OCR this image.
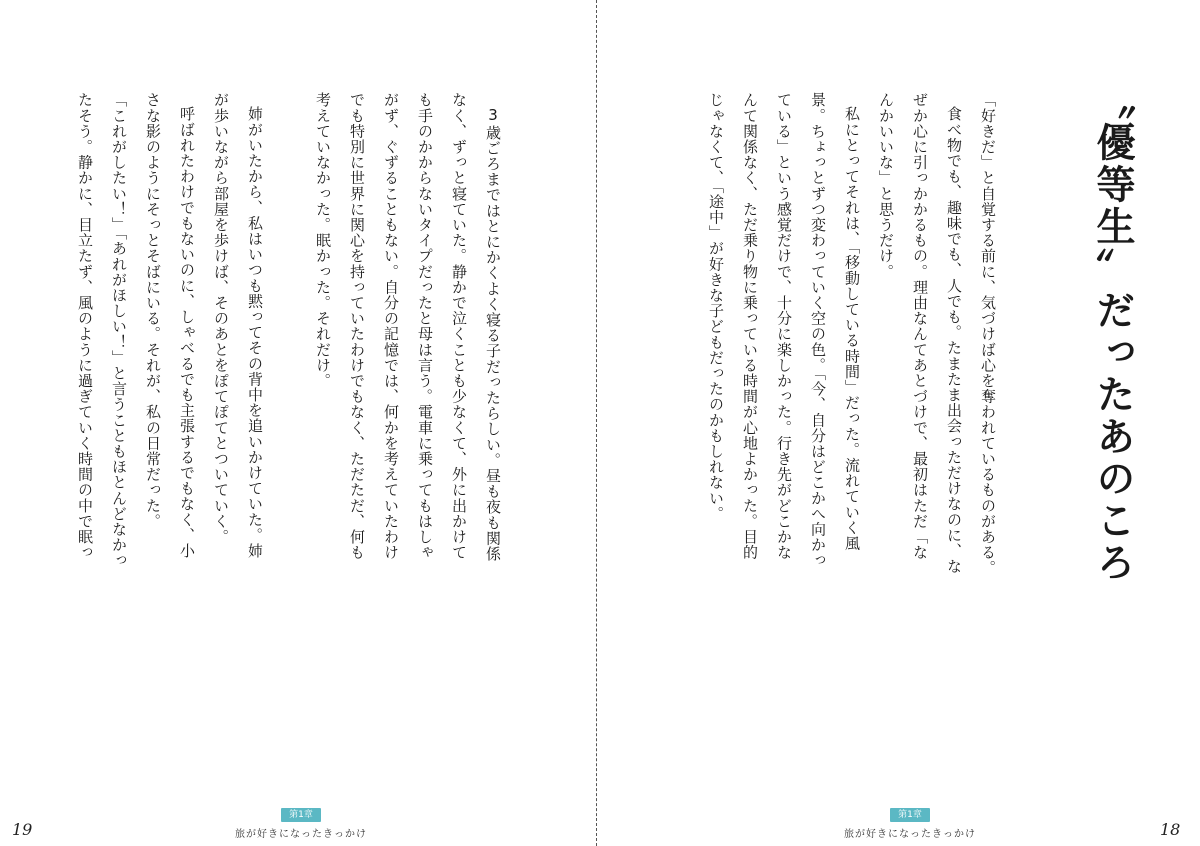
3歳ごろまではとにかくよく寝る子だったらしい。昼も夜も関係
なく、ずっと寝ていた。静かで泣くことも少なくて、外に出かけて
も手のかからないタイプだったと母は言う。電車に乗ってもはしゃ
がず、ぐずることもない。自分の記憶では、何かを考えていたわけ
でも特別に世界に関心を持っていたわけでもなく、ただただ、何も
考えていなかった。眠かった。それだけ。
姉がいたから、私はいつも黙ってその背中を追いかけていた。姉
が歩いながら部屋を歩けば、そのあとをぽてぽてとついていく。
呼ばれたわけでもないのに、しゃべるでも主張するでもなく、小
さな影のようにそっとそばにいる。それが、私の日常だった。
「これがしたい！」「あれがほしい！」と言うこともほとんどなかっ
たそう。静かに、目立たず、風のように過ぎていく時間の中で眠っ
第1章
旅が好きになったきっかけ
19
〝優等生〟だったあのころ
「好きだ」と自覚する前に、気づけば心を奪われているものがある。
食べ物でも、趣味でも、人でも。たまたま出会っただけなのに、な
ぜか心に引っかかるもの。理由なんてあとづけで、最初はただ「な
んかいいな」と思うだけ。
私にとってそれは、「移動している時間」だった。流れていく風
景。ちょっとずつ変わっていく空の色。「今、自分はどこかへ向かっ
ている」という感覚だけで、十分に楽しかった。行き先がどこかな
んて関係なく、ただ乗り物に乗っている時間が心地よかった。目的
じゃなくて、「途中」が好きな子どもだったのかもしれない。
第1章
旅が好きになったきっかけ	18
